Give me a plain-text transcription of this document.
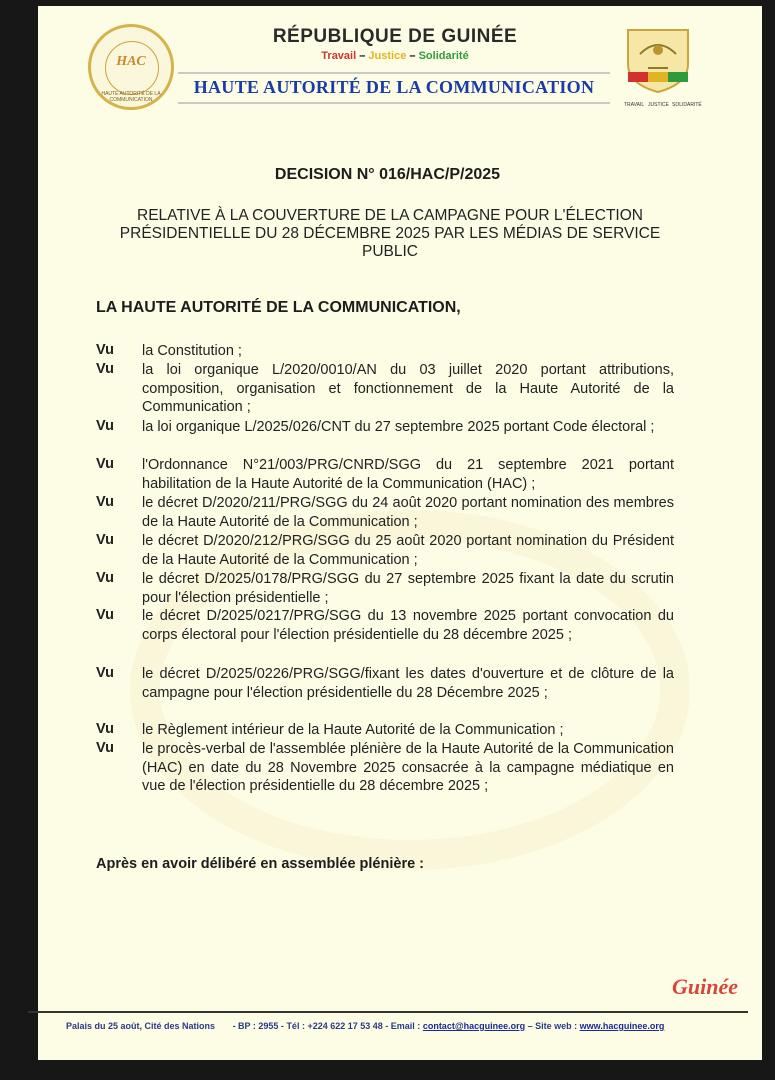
HAC
HAUTE AUTORITÉ DE LA COMMUNICATION
RÉPUBLIQUE DE GUINÉE
Travail – Justice – Solidarité
HAUTE AUTORITÉ DE LA COMMUNICATION
TRAVAIL JUSTICE SOLIDARITÉ
DECISION N° 016/HAC/P/2025
RELATIVE À LA COUVERTURE DE LA CAMPAGNE POUR L'ÉLECTION
PRÉSIDENTIELLE DU 28 DÉCEMBRE 2025 PAR LES MÉDIAS DE SERVICE
PUBLIC
LA HAUTE AUTORITÉ DE LA COMMUNICATION,
Vu la Constitution ;
Vu la loi organique L/2020/0010/AN du 03 juillet 2020 portant attributions, composition, organisation et fonctionnement de la Haute Autorité de la Communication ;
Vu la loi organique L/2025/026/CNT du 27 septembre 2025 portant Code électoral ;
Vu l'Ordonnance N°21/003/PRG/CNRD/SGG du 21 septembre 2021 portant habilitation de la Haute Autorité de la Communication (HAC) ;
Vu le décret D/2020/211/PRG/SGG du 24 août 2020 portant nomination des membres de la Haute Autorité de la Communication ;
Vu le décret D/2020/212/PRG/SGG du 25 août 2020 portant nomination du Président de la Haute Autorité de la Communication ;
Vu le décret D/2025/0178/PRG/SGG du 27 septembre 2025 fixant la date du scrutin pour l'élection présidentielle ;
Vu le décret D/2025/0217/PRG/SGG du 13 novembre 2025 portant convocation du corps électoral pour l'élection présidentielle du 28 décembre 2025 ;
Vu le décret D/2025/0226/PRG/SGG/fixant les dates d'ouverture et de clôture de la campagne pour l'élection présidentielle du 28 Décembre 2025 ;
Vu le Règlement intérieur de la Haute Autorité de la Communication ;
Vu le procès-verbal de l'assemblée plénière de la Haute Autorité de la Communication (HAC) en date du 28 Novembre 2025 consacrée à la campagne médiatique en vue de l'élection présidentielle du 28 décembre 2025 ;
Après en avoir délibéré en assemblée plénière :
Guinée
Palais du 25 août, Cité des Nations - BP : 2955 - Tél : +224 622 17 53 48 - Email : contact@hacguinee.org – Site web : www.hacguinee.org
